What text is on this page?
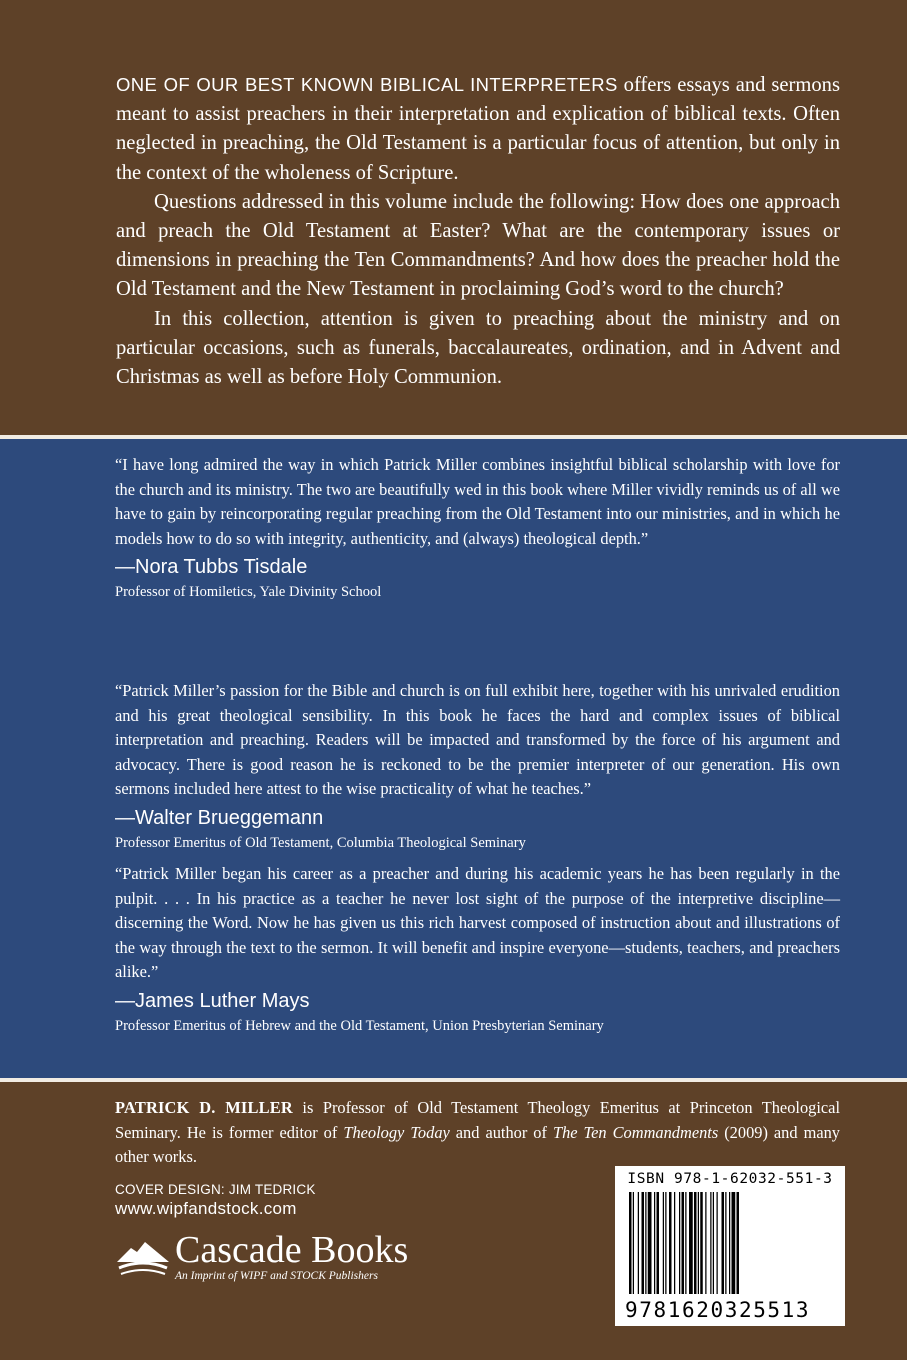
ONE OF OUR BEST KNOWN BIBLICAL INTERPRETERS offers essays and sermons meant to assist preachers in their interpretation and explication of biblical texts. Often neglected in preaching, the Old Testament is a particular focus of attention, but only in the context of the wholeness of Scripture.

Questions addressed in this volume include the following: How does one approach and preach the Old Testament at Easter? What are the contemporary issues or dimensions in preaching the Ten Commandments? And how does the preacher hold the Old Testament and the New Testament in proclaiming God’s word to the church?

In this collection, attention is given to preaching about the ministry and on particular occasions, such as funerals, baccalaureates, ordination, and in Advent and Christmas as well as before Holy Communion.

“I have long admired the way in which Patrick Miller combines insightful biblical scholarship with love for the church and its ministry. The two are beautifully wed in this book where Miller vividly reminds us of all we have to gain by reincorporating regular preaching from the Old Testament into our ministries, and in which he models how to do so with integrity, authenticity, and (always) theological depth.”

—Nora Tubbs Tisdale
Professor of Homiletics, Yale Divinity School

“Patrick Miller’s passion for the Bible and church is on full exhibit here, together with his unrivaled erudition and his great theological sensibility. In this book he faces the hard and complex issues of biblical interpretation and preaching. Readers will be impacted and transformed by the force of his argument and advocacy. There is good reason he is reckoned to be the premier interpreter of our generation. His own sermons included here attest to the wise practicality of what he teaches.”

—Walter Brueggemann
Professor Emeritus of Old Testament, Columbia Theological Seminary

“Patrick Miller began his career as a preacher and during his academic years he has been regularly in the pulpit. . . . In his practice as a teacher he never lost sight of the purpose of the interpretive discipline—discerning the Word. Now he has given us this rich harvest composed of instruction about and illustrations of the way through the text to the sermon. It will benefit and inspire everyone—students, teachers, and preachers alike.”

—James Luther Mays
Professor Emeritus of Hebrew and the Old Testament, Union Presbyterian Seminary

PATRICK D. MILLER is Professor of Old Testament Theology Emeritus at Princeton Theological Seminary. He is former editor of Theology Today and author of The Ten Commandments (2009) and many other works.

COVER DESIGN: JIM TEDRICK
www.wipfandstock.com
Cascade Books
An Imprint of WIPF and STOCK Publishers
ISBN 978-1-62032-551-3
9781620325513
